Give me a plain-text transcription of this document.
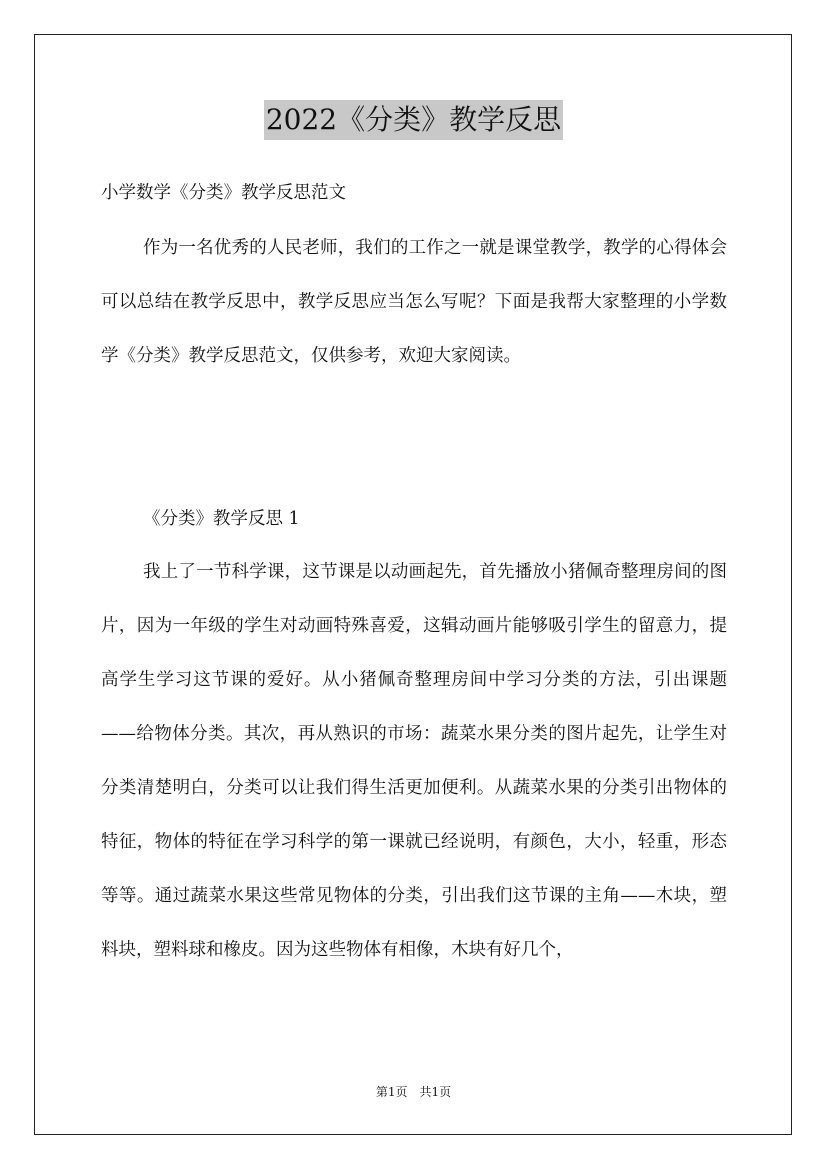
2022《分类》教学反思
小学数学《分类》教学反思范文

作为一名优秀的人民老师，我们的工作之一就是课堂教学，教学的心得体会可以总结在教学反思中，教学反思应当怎么写呢？下面是我帮大家整理的小学数学《分类》教学反思范文，仅供参考，欢迎大家阅读。

《分类》教学反思 1

我上了一节科学课，这节课是以动画起先，首先播放小猪佩奇整理房间的图片，因为一年级的学生对动画特殊喜爱，这辑动画片能够吸引学生的留意力，提高学生学习这节课的爱好。从小猪佩奇整理房间中学习分类的方法，引出课题——给物体分类。其次，再从熟识的市场：蔬菜水果分类的图片起先，让学生对分类清楚明白，分类可以让我们得生活更加便利。从蔬菜水果的分类引出物体的特征，物体的特征在学习科学的第一课就已经说明，有颜色，大小，轻重，形态等等。通过蔬菜水果这些常见物体的分类，引出我们这节课的主角——木块，塑料块，塑料球和橡皮。因为这些物体有相像，木块有好几个，

第1页　共1页
